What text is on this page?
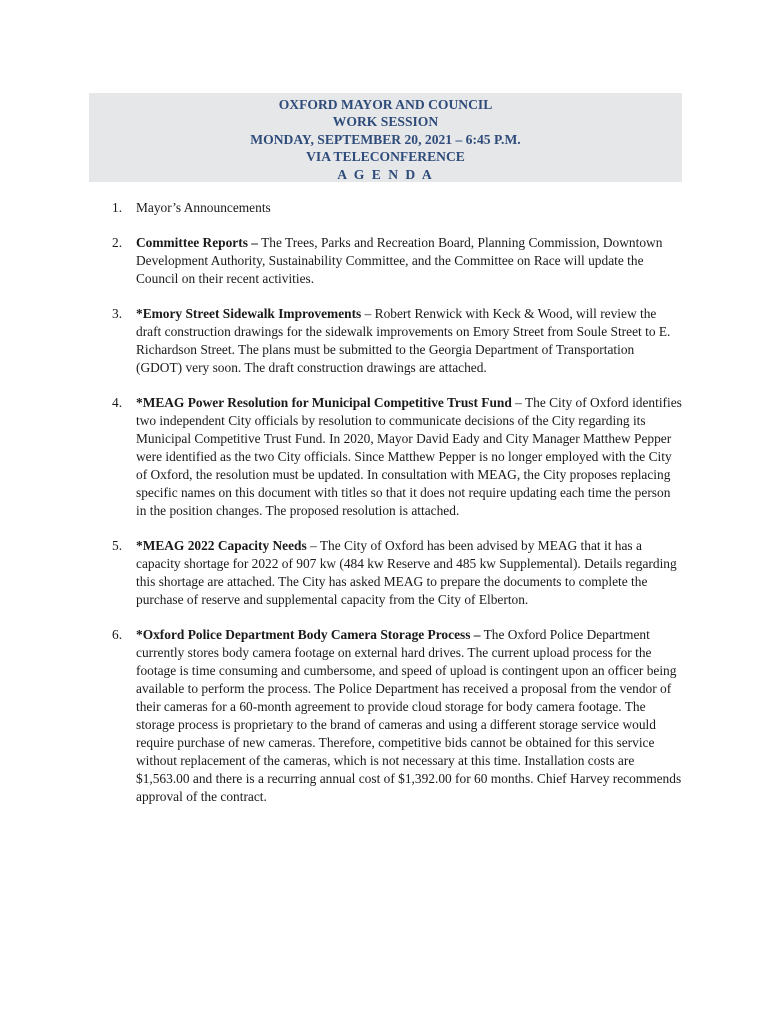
OXFORD MAYOR AND COUNCIL
WORK SESSION
MONDAY, SEPTEMBER 20, 2021 – 6:45 P.M.
VIA TELECONFERENCE
A G E N D A
1. Mayor’s Announcements
2. Committee Reports – The Trees, Parks and Recreation Board, Planning Commission, Downtown Development Authority, Sustainability Committee, and the Committee on Race will update the Council on their recent activities.
3. *Emory Street Sidewalk Improvements – Robert Renwick with Keck & Wood, will review the draft construction drawings for the sidewalk improvements on Emory Street from Soule Street to E. Richardson Street. The plans must be submitted to the Georgia Department of Transportation (GDOT) very soon. The draft construction drawings are attached.
4. *MEAG Power Resolution for Municipal Competitive Trust Fund – The City of Oxford identifies two independent City officials by resolution to communicate decisions of the City regarding its Municipal Competitive Trust Fund. In 2020, Mayor David Eady and City Manager Matthew Pepper were identified as the two City officials. Since Matthew Pepper is no longer employed with the City of Oxford, the resolution must be updated. In consultation with MEAG, the City proposes replacing specific names on this document with titles so that it does not require updating each time the person in the position changes. The proposed resolution is attached.
5. *MEAG 2022 Capacity Needs – The City of Oxford has been advised by MEAG that it has a capacity shortage for 2022 of 907 kw (484 kw Reserve and 485 kw Supplemental). Details regarding this shortage are attached. The City has asked MEAG to prepare the documents to complete the purchase of reserve and supplemental capacity from the City of Elberton.
6. *Oxford Police Department Body Camera Storage Process – The Oxford Police Department currently stores body camera footage on external hard drives. The current upload process for the footage is time consuming and cumbersome, and speed of upload is contingent upon an officer being available to perform the process. The Police Department has received a proposal from the vendor of their cameras for a 60-month agreement to provide cloud storage for body camera footage. The storage process is proprietary to the brand of cameras and using a different storage service would require purchase of new cameras. Therefore, competitive bids cannot be obtained for this service without replacement of the cameras, which is not necessary at this time. Installation costs are $1,563.00 and there is a recurring annual cost of $1,392.00 for 60 months. Chief Harvey recommends approval of the contract.
